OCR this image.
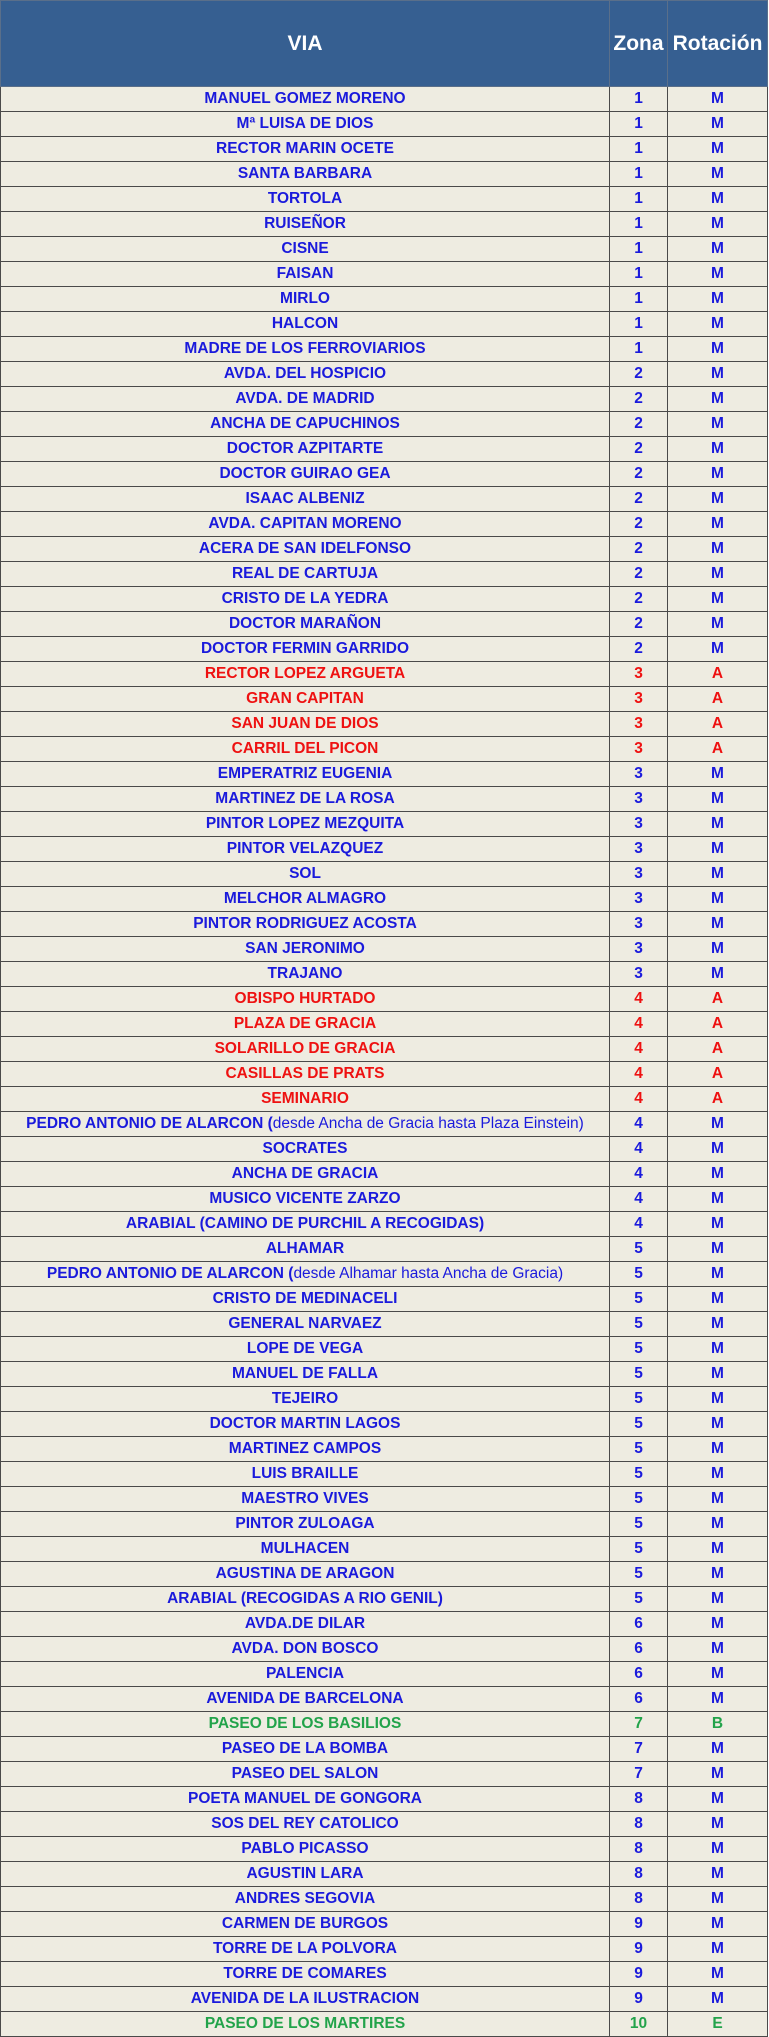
VIA	Zona	Rotación
MANUEL GOMEZ MORENO	1	M
Mª LUISA DE DIOS	1	M
RECTOR MARIN OCETE	1	M
SANTA BARBARA	1	M
TORTOLA	1	M
RUISEÑOR	1	M
CISNE	1	M
FAISAN	1	M
MIRLO	1	M
HALCON	1	M
MADRE DE LOS FERROVIARIOS	1	M
AVDA. DEL HOSPICIO	2	M
AVDA. DE MADRID	2	M
ANCHA DE CAPUCHINOS	2	M
DOCTOR AZPITARTE	2	M
DOCTOR GUIRAO GEA	2	M
ISAAC ALBENIZ	2	M
AVDA. CAPITAN MORENO	2	M
ACERA DE SAN IDELFONSO	2	M
REAL DE CARTUJA	2	M
CRISTO DE LA YEDRA	2	M
DOCTOR MARAÑON	2	M
DOCTOR FERMIN GARRIDO	2	M
RECTOR LOPEZ ARGUETA	3	A
GRAN CAPITAN	3	A
SAN JUAN DE DIOS	3	A
CARRIL DEL PICON	3	A
EMPERATRIZ EUGENIA	3	M
MARTINEZ DE LA ROSA	3	M
PINTOR LOPEZ MEZQUITA	3	M
PINTOR VELAZQUEZ	3	M
SOL	3	M
MELCHOR ALMAGRO	3	M
PINTOR RODRIGUEZ ACOSTA	3	M
SAN JERONIMO	3	M
TRAJANO	3	M
OBISPO HURTADO	4	A
PLAZA DE GRACIA	4	A
SOLARILLO DE GRACIA	4	A
CASILLAS DE PRATS	4	A
SEMINARIO	4	A
PEDRO ANTONIO DE ALARCON (desde Ancha de Gracia hasta Plaza Einstein)	4	M
SOCRATES	4	M
ANCHA DE GRACIA	4	M
MUSICO VICENTE ZARZO	4	M
ARABIAL (CAMINO DE PURCHIL A RECOGIDAS)	4	M
ALHAMAR	5	M
PEDRO ANTONIO DE ALARCON (desde Alhamar hasta Ancha de Gracia)	5	M
CRISTO DE MEDINACELI	5	M
GENERAL NARVAEZ	5	M
LOPE DE VEGA	5	M
MANUEL DE FALLA	5	M
TEJEIRO	5	M
DOCTOR MARTIN LAGOS	5	M
MARTINEZ CAMPOS	5	M
LUIS BRAILLE	5	M
MAESTRO VIVES	5	M
PINTOR ZULOAGA	5	M
MULHACEN	5	M
AGUSTINA DE ARAGON	5	M
ARABIAL (RECOGIDAS A RIO GENIL)	5	M
AVDA.DE DILAR	6	M
AVDA. DON BOSCO	6	M
PALENCIA	6	M
AVENIDA DE BARCELONA	6	M
PASEO DE LOS BASILIOS	7	B
PASEO DE LA BOMBA	7	M
PASEO DEL SALON	7	M
POETA MANUEL DE GONGORA	8	M
SOS DEL REY CATOLICO	8	M
PABLO PICASSO	8	M
AGUSTIN LARA	8	M
ANDRES SEGOVIA	8	M
CARMEN DE BURGOS	9	M
TORRE DE LA POLVORA	9	M
TORRE DE COMARES	9	M
AVENIDA DE LA ILUSTRACION	9	M
PASEO DE LOS MARTIRES	10	E
